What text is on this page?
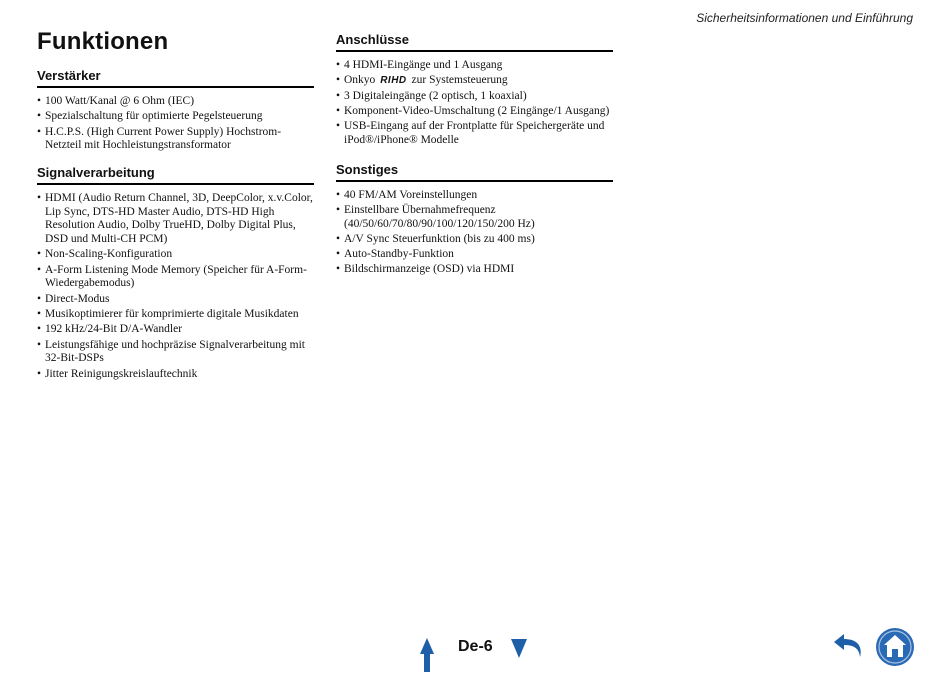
Sicherheitsinformationen und Einführung
Funktionen
Verstärker
• 100 Watt/Kanal @ 6 Ohm (IEC)
• Spezialschaltung für optimierte Pegelsteuerung
• H.C.P.S. (High Current Power Supply) Hochstrom-Netzteil mit Hochleistungstransformator
Signalverarbeitung
• HDMI (Audio Return Channel, 3D, DeepColor, x.v.Color, Lip Sync, DTS-HD Master Audio, DTS-HD High Resolution Audio, Dolby TrueHD, Dolby Digital Plus, DSD und Multi-CH PCM)
• Non-Scaling-Konfiguration
• A-Form Listening Mode Memory (Speicher für A-Form-Wiedergabemodus)
• Direct-Modus
• Musikoptimierer für komprimierte digitale Musikdaten
• 192 kHz/24-Bit D/A-Wandler
• Leistungsfähige und hochpräzise Signalverarbeitung mit 32-Bit-DSPs
• Jitter Reinigungskreislauftechnik
Anschlüsse
• 4 HDMI-Eingänge und 1 Ausgang
• Onkyo RIHD zur Systemsteuerung
• 3 Digitaleingänge (2 optisch, 1 koaxial)
• Komponent-Video-Umschaltung (2 Eingänge/1 Ausgang)
• USB-Eingang auf der Frontplatte für Speichergeräte und iPod®/iPhone® Modelle
Sonstiges
• 40 FM/AM Voreinstellungen
• Einstellbare Übernahmefrequenz (40/50/60/70/80/90/100/120/150/200 Hz)
• A/V Sync Steuerfunktion (bis zu 400 ms)
• Auto-Standby-Funktion
• Bildschirmanzeige (OSD) via HDMI
De-6
